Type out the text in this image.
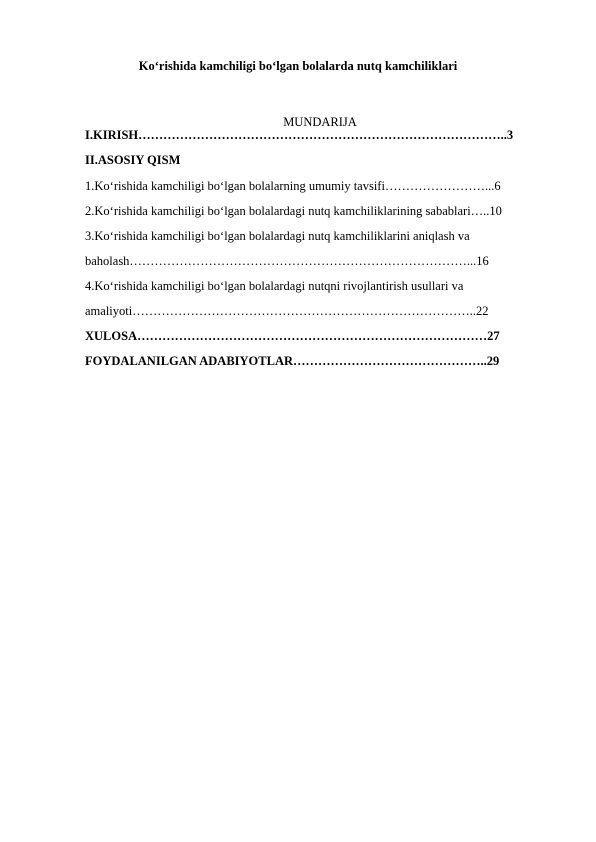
Ko‘rishida kamchiligi bo‘lgan bolalarda nutq kamchiliklari
MUNDARIJA
I.KIRISH……………………………………………………………………………..3
II.ASOSIY QISM
1.Ko‘rishida kamchiligi bo‘lgan bolalarning umumiy tavsifi……………………...6
2.Ko‘rishida kamchiligi bo‘lgan bolalardagi nutq kamchiliklarining sabablari…..10
3.Ko‘rishida kamchiligi bo‘lgan bolalardagi nutq kamchiliklarini aniqlash va
baholash………………………………………………………………………...16
4.Ko‘rishida kamchiligi bo‘lgan bolalardagi nutqni rivojlantirish usullari va
amaliyoti………………………………………………………………………..22
XULOSA…………………………………………………………………………27
FOYDALANILGAN ADABIYOTLAR………………………………………..29
